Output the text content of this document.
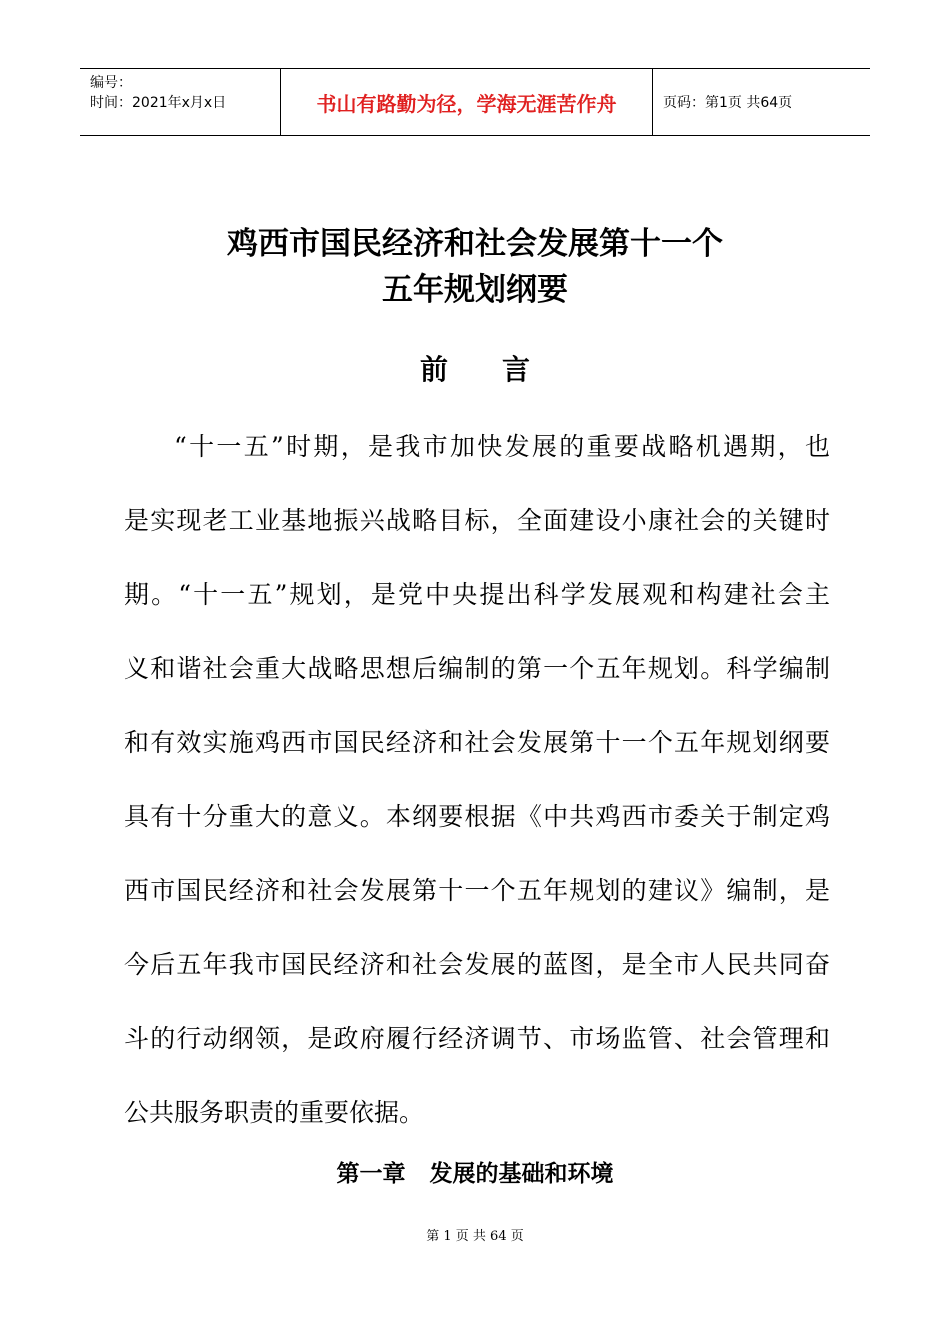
编号：
时间：2021年x月x日	书山有路勤为径，学海无涯苦作舟	页码：第1页 共64页
鸡西市国民经济和社会发展第十一个
五年规划纲要
前言
“十一五”时期，是我市加快发展的重要战略机遇期，也
是实现老工业基地振兴战略目标，全面建设小康社会的关键时
期。“十一五”规划，是党中央提出科学发展观和构建社会主
义和谐社会重大战略思想后编制的第一个五年规划。科学编制
和有效实施鸡西市国民经济和社会发展第十一个五年规划纲要
具有十分重大的意义。本纲要根据《中共鸡西市委关于制定鸡
西市国民经济和社会发展第十一个五年规划的建议》编制，是
今后五年我市国民经济和社会发展的蓝图，是全市人民共同奋
斗的行动纲领，是政府履行经济调节、市场监管、社会管理和
公共服务职责的重要依据。
第一章   发展的基础和环境
第 1 页 共 64 页
